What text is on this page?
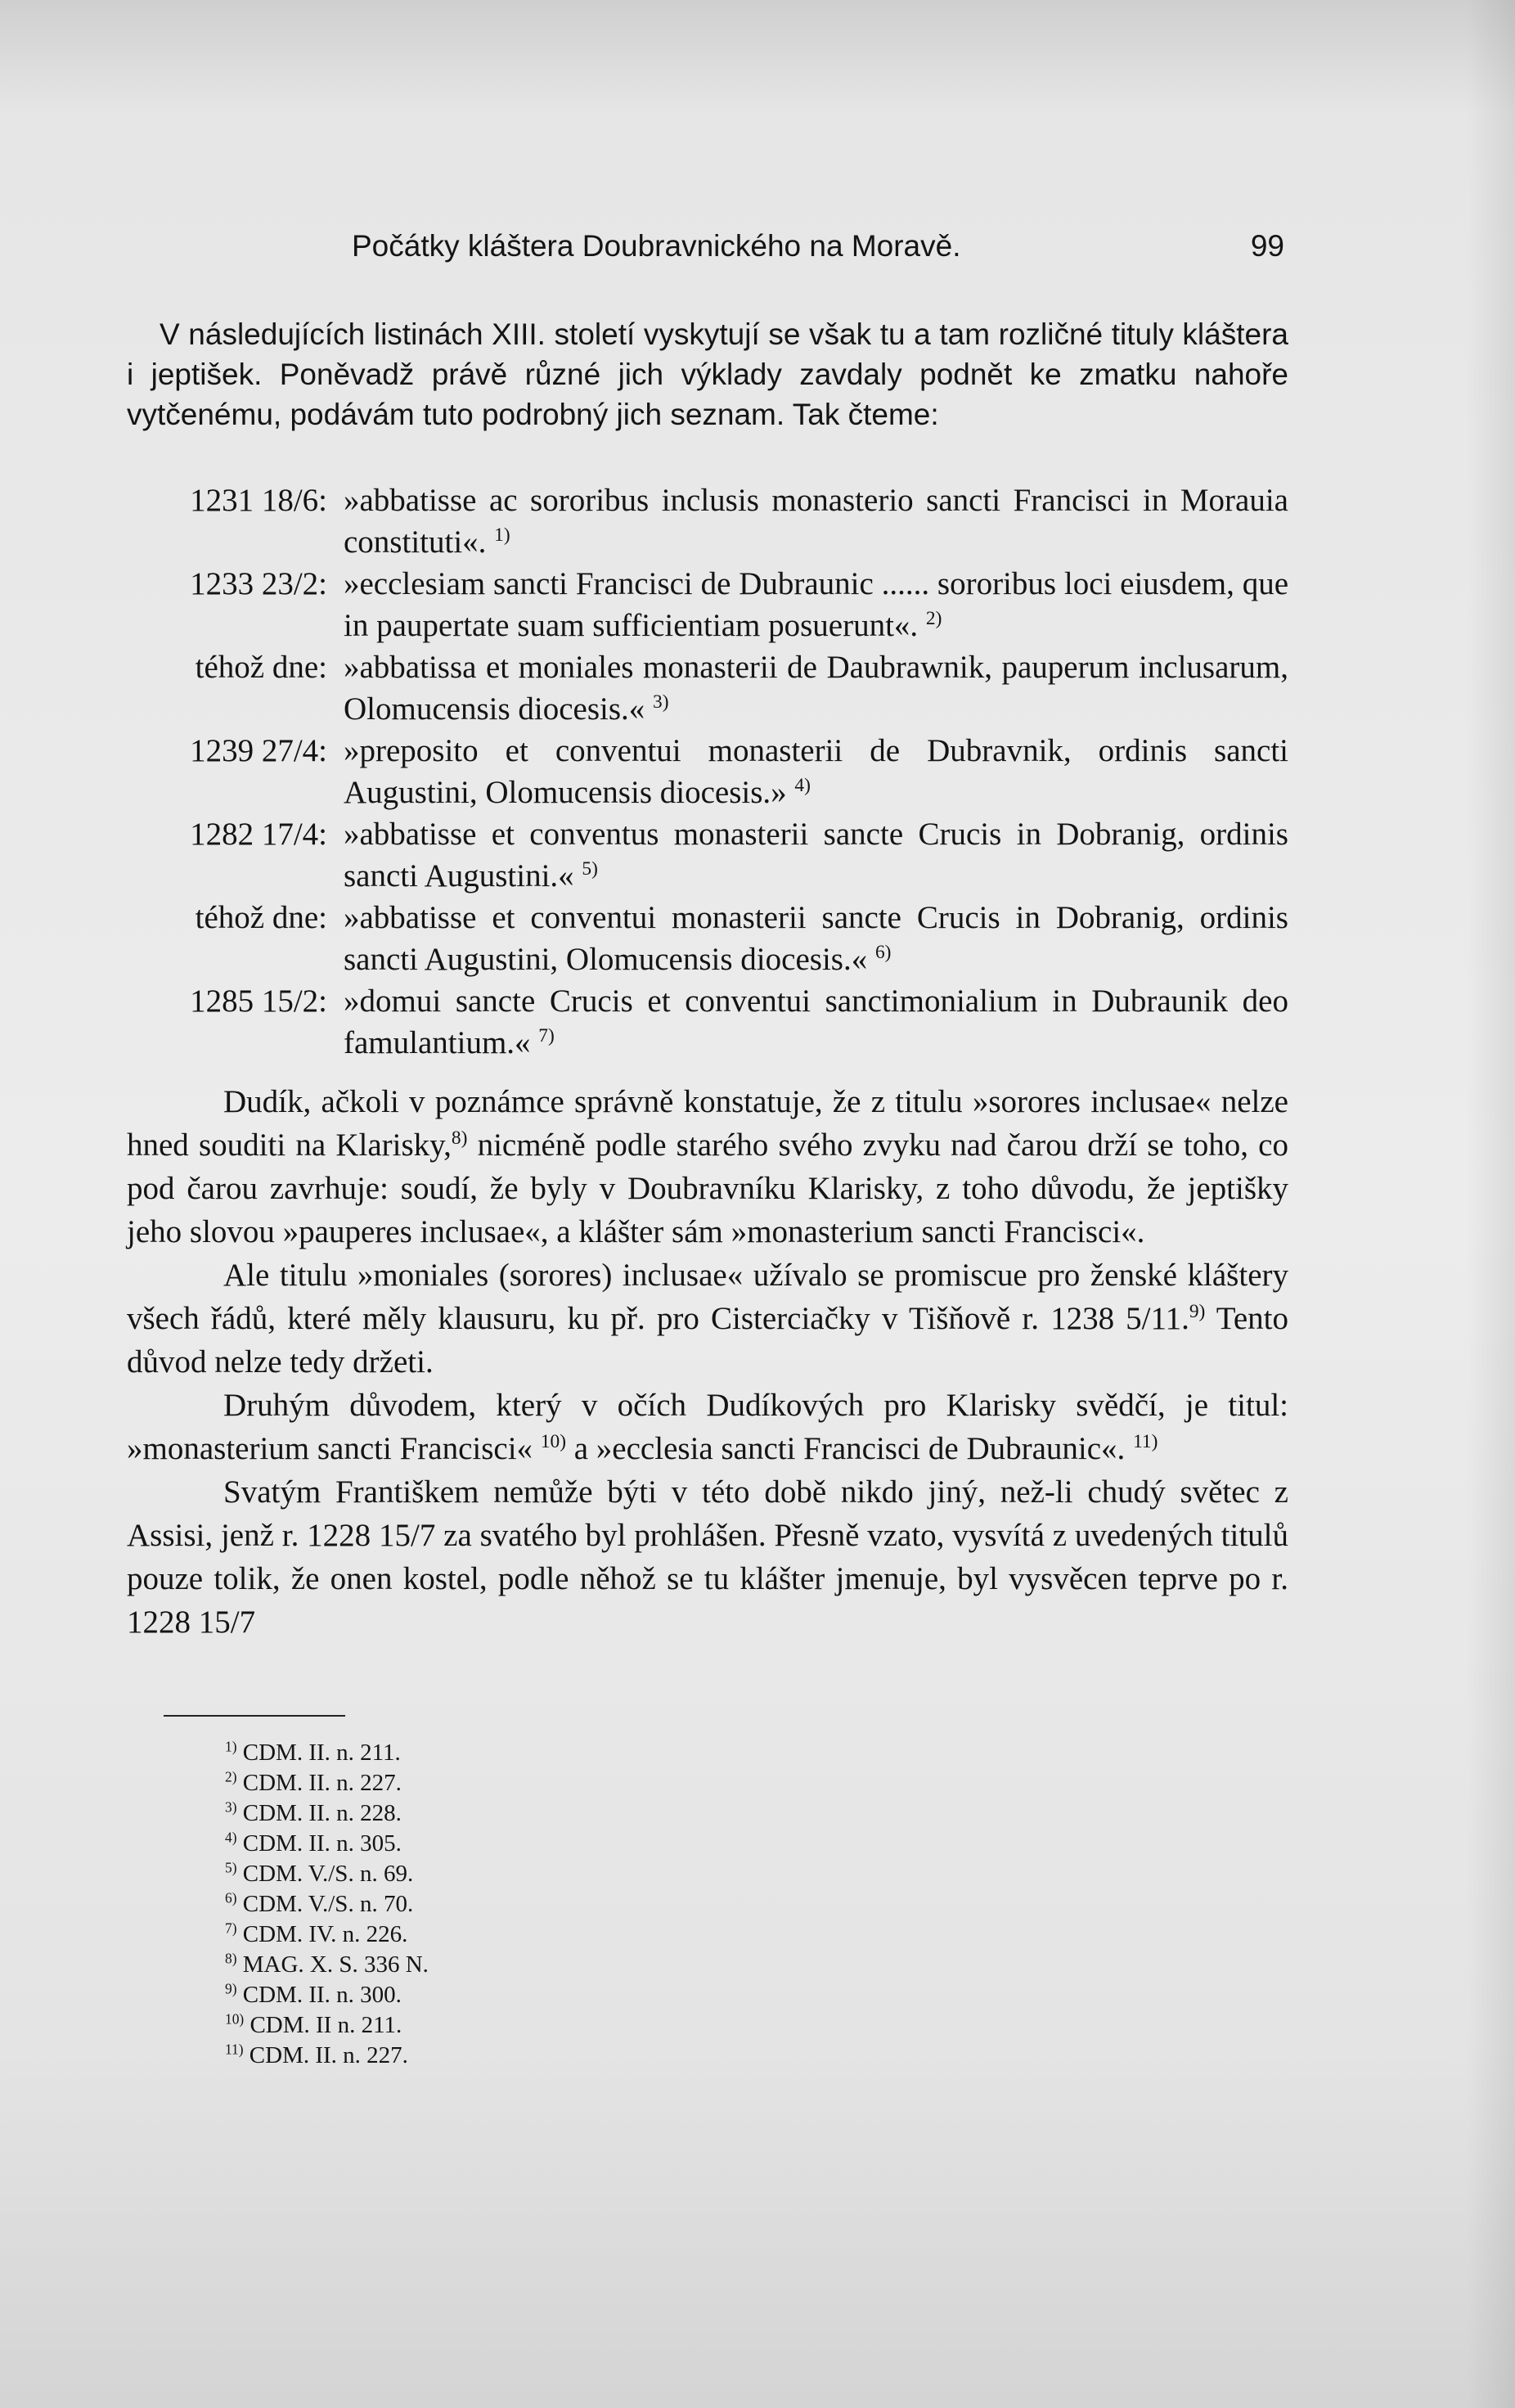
Počátky kláštera Doubravnického na Moravě.	99
V následujících listinách XIII. století vyskytují se však tu a tam rozličné tituly kláštera i jeptišek. Poněvadž právě různé jich výklady zavdaly podnět ke zmatku nahoře vytčenému, podávám tuto podrobný jich seznam. Tak čteme:
1231 18/6: »abbatisse ac sororibus inclusis monasterio sancti Francisci in Morauia constituti«. $^{1)}$
1233 23/2: »ecclesiam sancti Francisci de Dubraunic ...... sororibus loci eiusdem, que in paupertate suam sufficientiam posuerunt«. $^{2)}$
téhož dne: »abbatissa et moniales monasterii de Daubrawnik, pauperum inclusarum, Olomucensis diocesis.« $^{3)}$
1239 27/4: »preposito et conventui monasterii de Dubravnik, ordinis sancti Augustini, Olomucensis diocesis.» $^{4)}$
1282 17/4: »abbatisse et conventus monasterii sancte Crucis in Dobranig, ordinis sancti Augustini.« $^{5)}$
téhož dne: »abbatisse et conventui monasterii sancte Crucis in Dobranig, ordinis sancti Augustini, Olomucensis diocesis.« $^{6)}$
1285 15/2: »domui sancte Crucis et conventui sanctimonialium in Dubraunik deo famulantium.« $^{7)}$

Dudík, ačkoli v poznámce správně konstatuje, že z titulu »sorores inclusae« nelze hned souditi na Klarisky,$^{8)}$ nicméně podle starého svého zvyku nad čarou drží se toho, co pod čarou zavrhuje: soudí, že byly v Doubravníku Klarisky, z toho důvodu, že jeptišky jeho slovou »pauperes inclusae«, a klášter sám »monasterium sancti Francisci«.

Ale titulu »moniales (sorores) inclusae« užívalo se promiscue pro ženské kláštery všech řádů, které měly klausuru, ku př. pro Cisterciačky v Tišňově r. 1238 5/11.$^{9)}$ Tento důvod nelze tedy držeti.

Druhým důvodem, který v očích Dudíkových pro Klarisky svědčí, je titul: »monasterium sancti Francisci« $^{10)}$ a »ecclesia sancti Francisci de Dubraunic«. $^{11)}$

Svatým Františkem nemůže býti v této době nikdo jiný, než-li chudý světec z Assisi, jenž r. 1228 15/7 za svatého byl prohlášen. Přesně vzato, vysvítá z uvedených titulů pouze tolik, že onen kostel, podle něhož se tu klášter jmenuje, byl vysvěcen teprve po r. 1228 15/7

$^{1)}$ CDM. II. n. 211.
$^{2)}$ CDM. II. n. 227.
$^{3)}$ CDM. II. n. 228.
$^{4)}$ CDM. II. n. 305.
$^{5)}$ CDM. V./S. n. 69.
$^{6)}$ CDM. V./S. n. 70.
$^{7)}$ CDM. IV. n. 226.
$^{8)}$ MAG. X. S. 336 N.
$^{9)}$ CDM. II. n. 300.
$^{10)}$ CDM. II n. 211.
$^{11)}$ CDM. II. n. 227.
